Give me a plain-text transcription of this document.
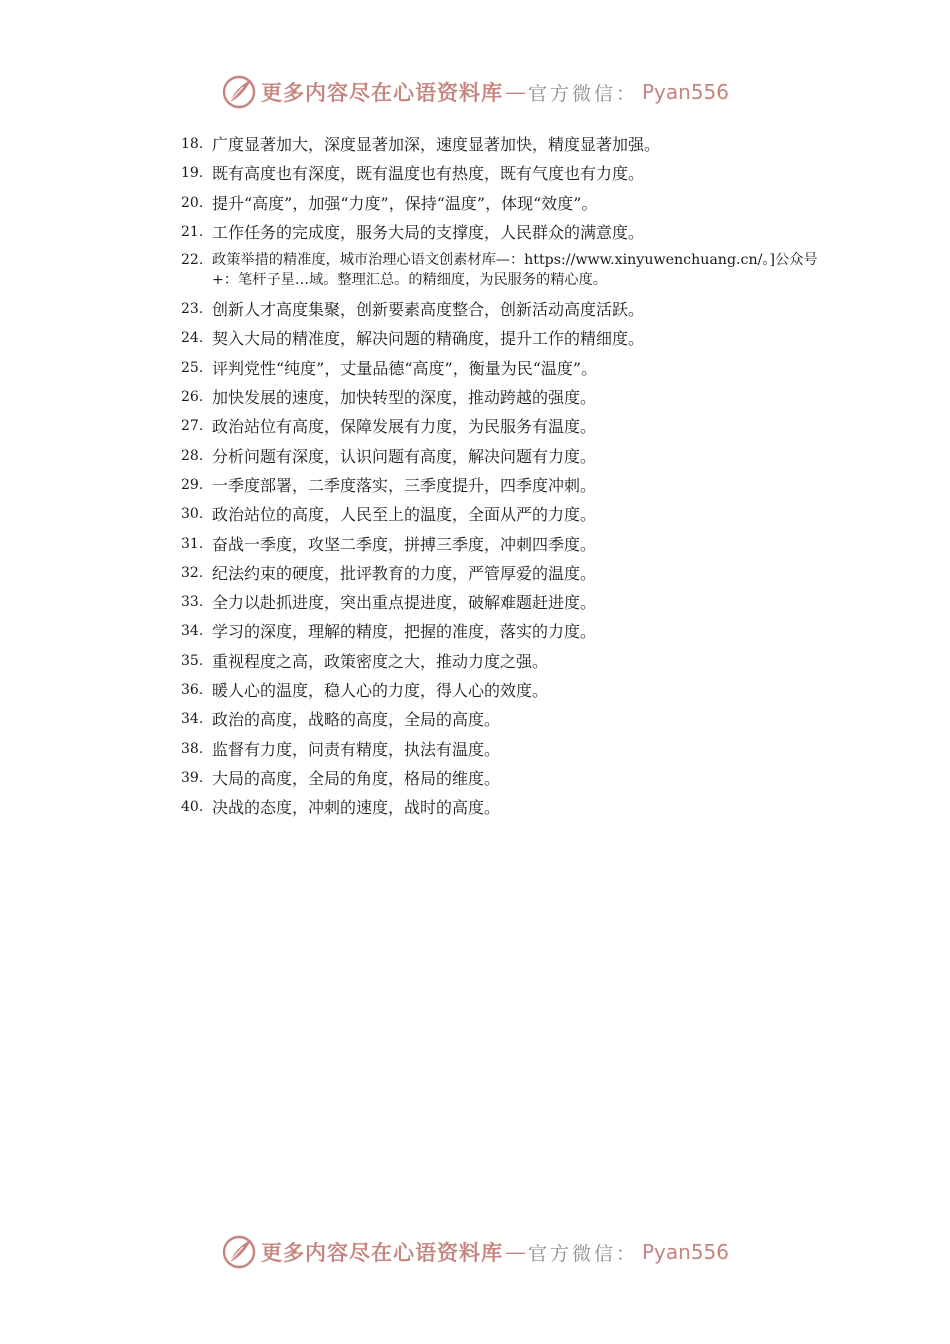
更多内容尽在心语资料库 — 官方微信： Pyan556
18. 广度显著加大，深度显著加深，速度显著加快，精度显著加强。
19. 既有高度也有深度，既有温度也有热度，既有气度也有力度。
20. 提升“高度”，加强“力度”，保持“温度”，体现“效度”。
21. 工作任务的完成度，服务大局的支撑度，人民群众的满意度。
22. 政策举措的精准度，城市治理心语文创素材库—：https://www.xinyuwenchuang.cn/。]公众号+：笔杆子星…域。整理汇总。的精细度，为民服务的精心度。
23. 创新人才高度集聚，创新要素高度整合，创新活动高度活跃。
24. 契入大局的精准度，解决问题的精确度，提升工作的精细度。
25. 评判党性“纯度”，丈量品德“高度”，衡量为民“温度”。
26. 加快发展的速度，加快转型的深度，推动跨越的强度。
27. 政治站位有高度，保障发展有力度，为民服务有温度。
28. 分析问题有深度，认识问题有高度，解决问题有力度。
29. 一季度部署，二季度落实，三季度提升，四季度冲刺。
30. 政治站位的高度，人民至上的温度，全面从严的力度。
31. 奋战一季度，攻坚二季度，拼搏三季度，冲刺四季度。
32. 纪法约束的硬度，批评教育的力度，严管厚爱的温度。
33. 全力以赴抓进度，突出重点提进度，破解难题赶进度。
34. 学习的深度，理解的精度，把握的准度，落实的力度。
35. 重视程度之高，政策密度之大，推动力度之强。
36. 暖人心的温度，稳人心的力度，得人心的效度。
34. 政治的高度，战略的高度，全局的高度。
38. 监督有力度，问责有精度，执法有温度。
39. 大局的高度，全局的角度，格局的维度。
40. 决战的态度，冲刺的速度，战时的高度。
更多内容尽在心语资料库 — 官方微信： Pyan556
